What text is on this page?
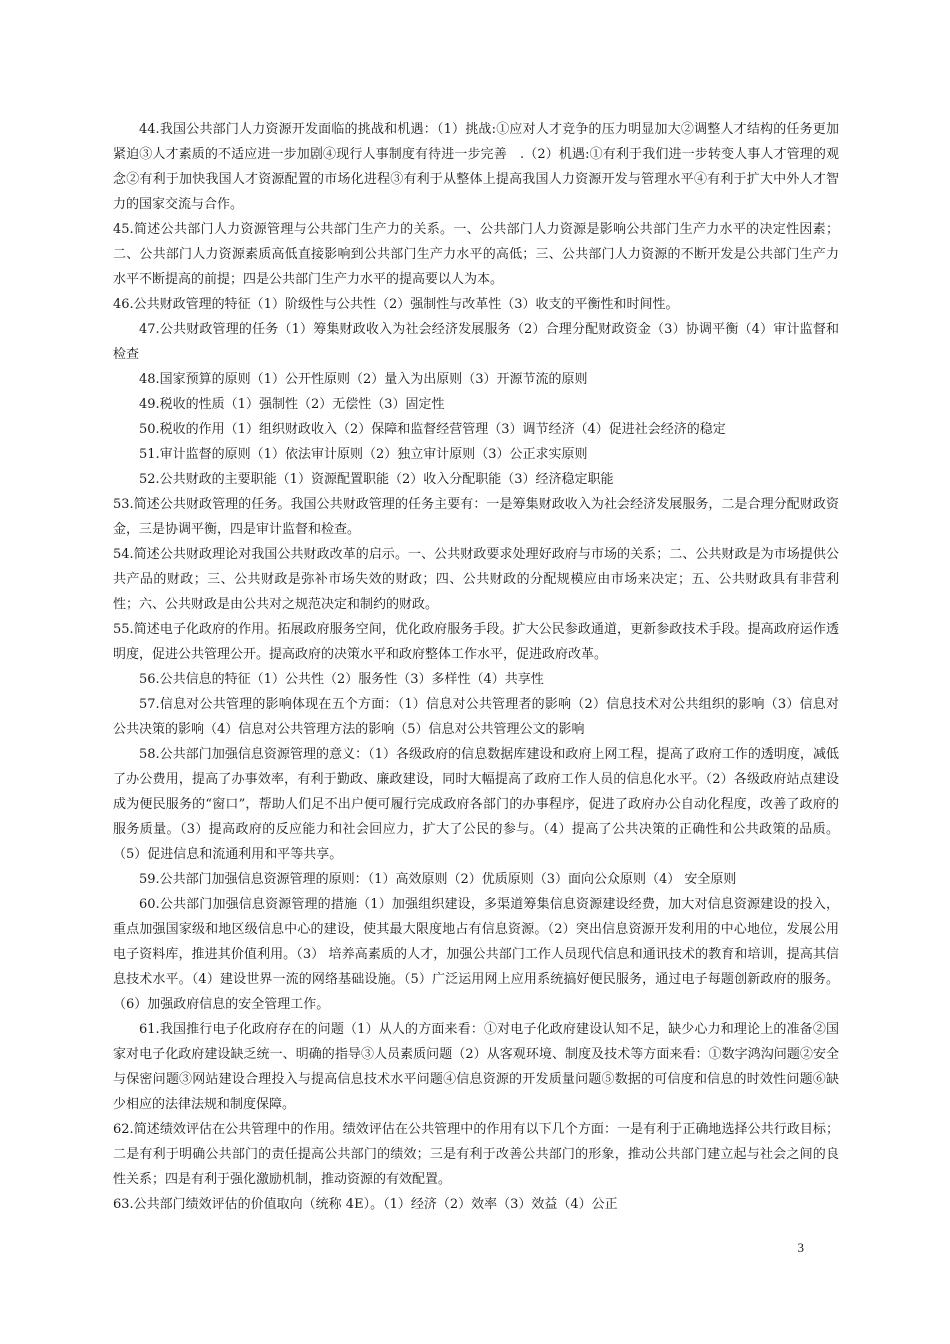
44.我国公共部门人力资源开发面临的挑战和机遇：（1）挑战:①应对人才竞争的压力明显加大②调整人才结构的任务更加紧迫③人才素质的不适应进一步加剧④现行人事制度有待进一步完善　.（2）机遇:①有利于我们进一步转变人事人才管理的观念②有利于加快我国人才资源配置的市场化进程③有利于从整体上提高我国人力资源开发与管理水平④有利于扩大中外人才智力的国家交流与合作。

45.简述公共部门人力资源管理与公共部门生产力的关系。一、公共部门人力资源是影响公共部门生产力水平的决定性因素；二、公共部门人力资源素质高低直接影响到公共部门生产力水平的高低；三、公共部门人力资源的不断开发是公共部门生产力水平不断提高的前提；四是公共部门生产力水平的提高要以人为本。

46.公共财政管理的特征（1）阶级性与公共性（2）强制性与改革性（3）收支的平衡性和时间性。

47.公共财政管理的任务（1）筹集财政收入为社会经济发展服务（2）合理分配财政资金（3）协调平衡（4）审计监督和检查

48.国家预算的原则（1）公开性原则（2）量入为出原则（3）开源节流的原则

49.税收的性质（1）强制性（2）无偿性（3）固定性

50.税收的作用（1）组织财政收入（2）保障和监督经营管理（3）调节经济（4）促进社会经济的稳定

51.审计监督的原则（1）依法审计原则（2）独立审计原则（3）公正求实原则

52.公共财政的主要职能（1）资源配置职能（2）收入分配职能（3）经济稳定职能

53.简述公共财政管理的任务。我国公共财政管理的任务主要有：一是筹集财政收入为社会经济发展服务，二是合理分配财政资金，三是协调平衡，四是审计监督和检查。

54.简述公共财政理论对我国公共财政改革的启示。一、公共财政要求处理好政府与市场的关系；二、公共财政是为市场提供公共产品的财政；三、公共财政是弥补市场失效的财政；四、公共财政的分配规模应由市场来决定；五、公共财政具有非营利性；六、公共财政是由公共对之规范决定和制约的财政。

55.简述电子化政府的作用。拓展政府服务空间，优化政府服务手段。扩大公民参政通道，更新参政技术手段。提高政府运作透明度，促进公共管理公开。提高政府的决策水平和政府整体工作水平，促进政府改革。

56.公共信息的特征（1）公共性（2）服务性（3）多样性（4）共享性

57.信息对公共管理的影响体现在五个方面：（1）信息对公共管理者的影响（2）信息技术对公共组织的影响（3）信息对公共决策的影响（4）信息对公共管理方法的影响（5）信息对公共管理公文的影响

58.公共部门加强信息资源管理的意义：（1）各级政府的信息数据库建设和政府上网工程，提高了政府工作的透明度，减低了办公费用，提高了办事效率，有利于勤政、廉政建设，同时大幅提高了政府工作人员的信息化水平。（2）各级政府站点建设成为便民服务的“窗口”，帮助人们足不出户便可履行完成政府各部门的办事程序，促进了政府办公自动化程度，改善了政府的服务质量。（3）提高政府的反应能力和社会回应力，扩大了公民的参与。（4）提高了公共决策的正确性和公共政策的品质。（5）促进信息和流通利用和平等共享。

59.公共部门加强信息资源管理的原则：（1）高效原则（2）优质原则（3）面向公众原则（4） 安全原则

60.公共部门加强信息资源管理的措施（1）加强组织建设，多渠道筹集信息资源建设经费，加大对信息资源建设的投入，重点加强国家级和地区级信息中心的建设，使其最大限度地占有信息资源。（2）突出信息资源开发利用的中心地位，发展公用电子资料库，推进其价值利用。（3） 培养高素质的人才，加强公共部门工作人员现代信息和通讯技术的教育和培训，提高其信息技术水平。（4）建设世界一流的网络基础设施。（5）广泛运用网上应用系统搞好便民服务，通过电子每题创新政府的服务。（6）加强政府信息的安全管理工作。

61.我国推行电子化政府存在的问题（1）从人的方面来看：①对电子化政府建设认知不足，缺少心力和理论上的准备②国家对电子化政府建设缺乏统一、明确的指导③人员素质问题（2）从客观环境、制度及技术等方面来看：①数字鸿沟问题②安全与保密问题③网站建设合理投入与提高信息技术水平问题④信息资源的开发质量问题⑤数据的可信度和信息的时效性问题⑥缺少相应的法律法规和制度保障。

62.简述绩效评估在公共管理中的作用。绩效评估在公共管理中的作用有以下几个方面：一是有利于正确地选择公共行政目标；二是有利于明确公共部门的责任提高公共部门的绩效；三是有利于改善公共部门的形象，推动公共部门建立起与社会之间的良性关系；四是有利于强化激励机制，推动资源的有效配置。

63.公共部门绩效评估的价值取向（统称 4E）。（1）经济（2）效率（3）效益（4）公正

3
